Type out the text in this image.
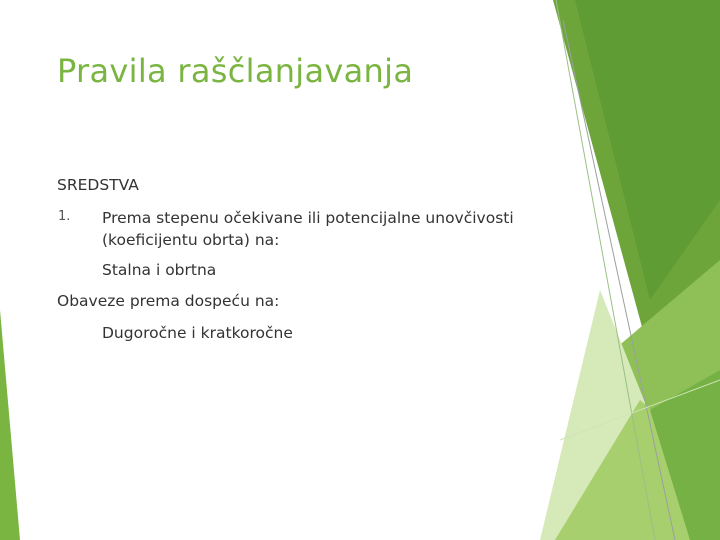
Pravila raščlanjavanja
SREDSTVA
1. Prema stepenu očekivane ili potencijalne unovčivosti
(koeficijentu obrta) na:
Stalna i obrtna
Obaveze prema dospeću na:
Dugoročne i kratkoročne
